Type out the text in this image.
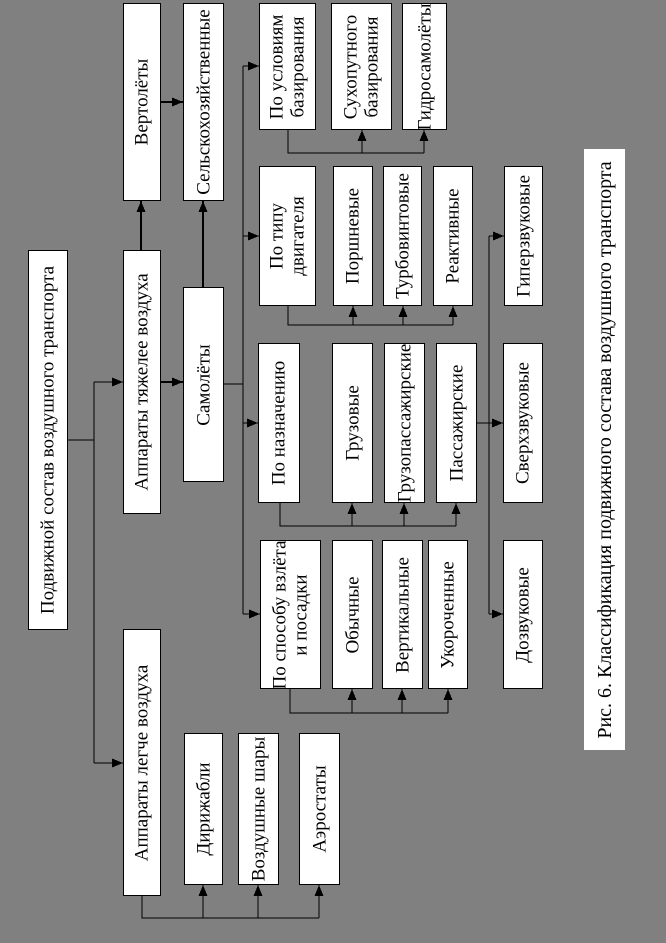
Подвижной состав воздушного транспорта	Аппараты тяжелее воздуха
Аппараты легче воздуха
Вертолёты Сельскохозяйственные
Самолёты
Дирижабли Воздушные шары Аэростаты
По условиям
базирования Сухопутного
базирования Гидросамолёты
По типу
двигателя Поршневые Турбовинтовые Реактивные
По назначению	Грузовые Грузопассажирские Пассажирские
По способу взлёта
и посадки Обычные Вертикальные Укороченные
Гиперзвуковые
Сверхзвуковые
Дозвуковые	Рис. 6. Классификация подвижного состава воздушного транспорта
